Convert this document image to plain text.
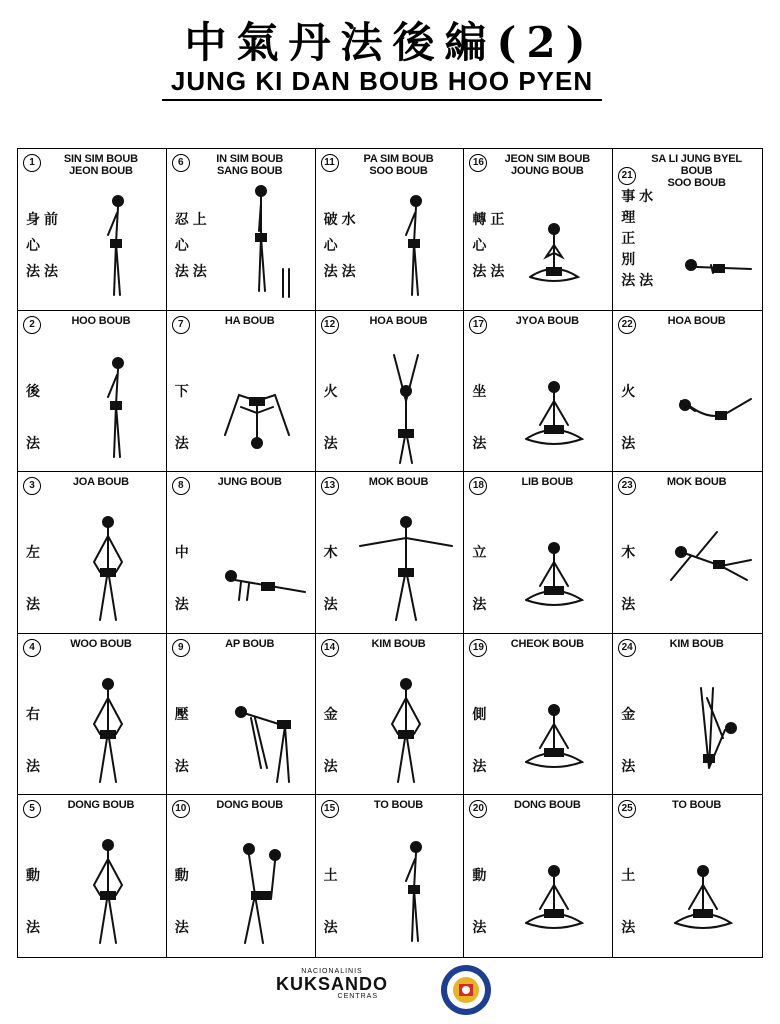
中氣丹法後編(2)
JUNG KI DAN BOUB HOO PYEN
1	SIN SIM BOUB
JEON BOUB
身前
心
法法
6	IN SIM BOUB
SANG BOUB
忍上
心
法法
11	PA SIM BOUB
SOO BOUB
破水
心
法法
16	JEON SIM BOUB
JOUNG BOUB
轉正
心
法法
21
SA LI JUNG BYEL BOUB
SOO BOUB
事水
理
正
別
法法
2	HOO BOUB
後
法
7	HA BOUB
下
法
12	HOA BOUB
火
法
17	JYOA BOUB
坐
法
22	HOA BOUB
火
法
3	JOA BOUB
左
法
8	JUNG BOUB
中
法
13	MOK BOUB
木
法
18	LIB BOUB
立
法
23	MOK BOUB
木
法
4	WOO BOUB
右
法
9	AP BOUB
壓
法
14	KIM BOUB
金
法
19	CHEOK BOUB
側
法
24	KIM BOUB
金
法
5	DONG BOUB
動
法
10	DONG BOUB
動
法
15	TO BOUB
土
法
20	DONG BOUB
動
法
25	TO BOUB
土
法
NACIONALINIS
KUKSANDO
CENTRAS
